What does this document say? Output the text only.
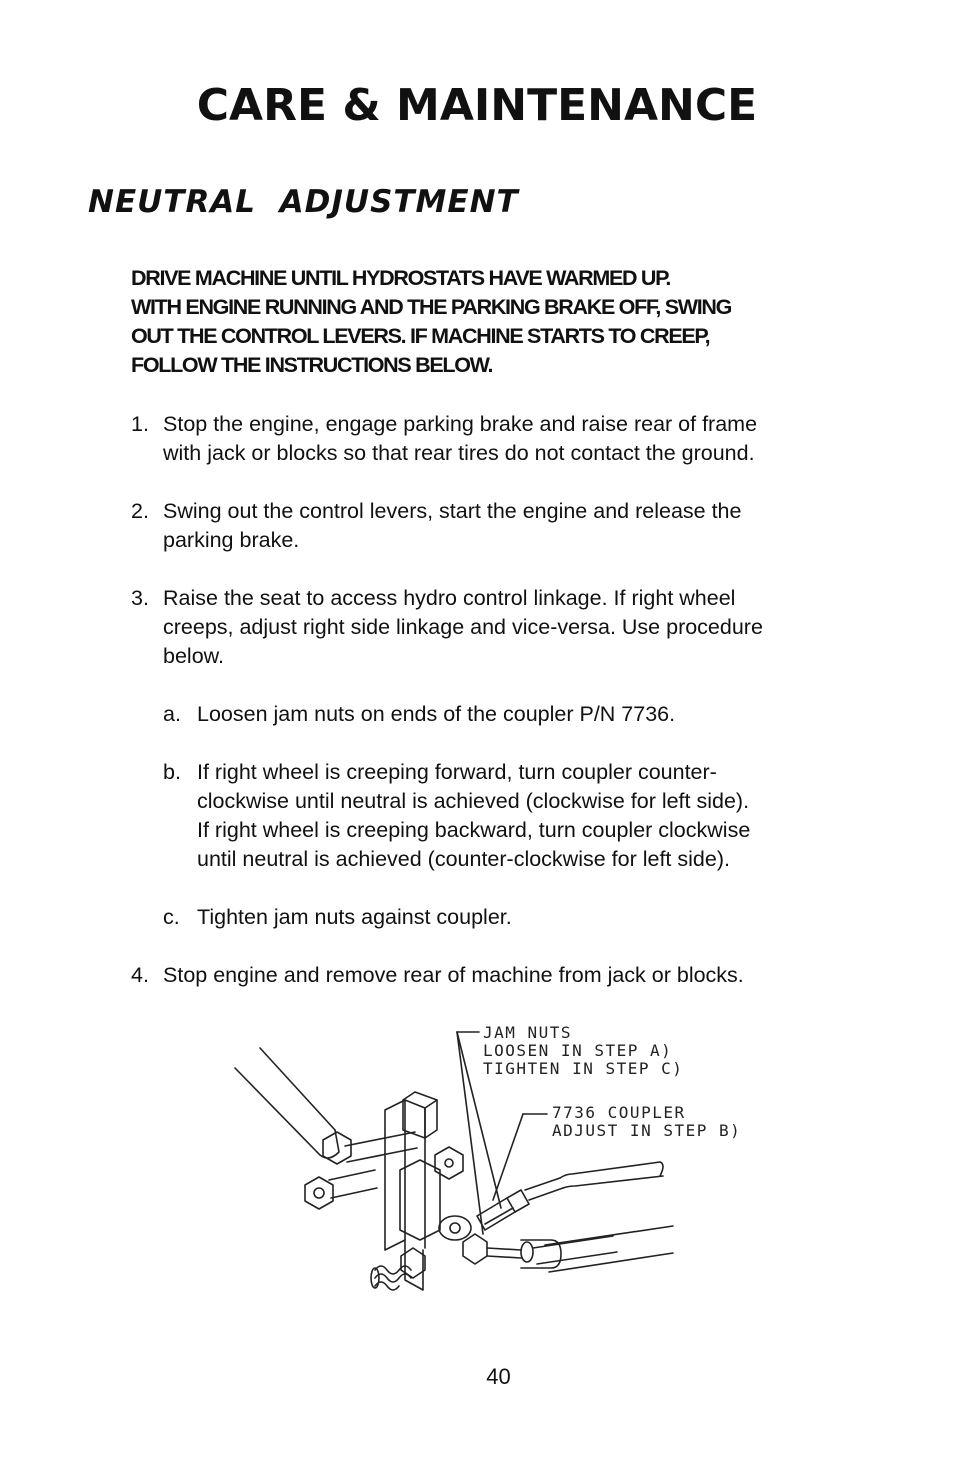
CARE & MAINTENANCE
NEUTRAL  ADJUSTMENT
DRIVE MACHINE UNTIL HYDROSTATS HAVE WARMED UP.
WITH ENGINE RUNNING AND THE PARKING BRAKE OFF, SWING
OUT THE CONTROL LEVERS. IF MACHINE STARTS TO CREEP,
FOLLOW THE INSTRUCTIONS BELOW.
1. Stop the engine, engage parking brake and raise rear of frame
with jack or blocks so that rear tires do not contact the ground.
2. Swing out the control levers, start the engine and release the
parking brake.
3. Raise the seat to access hydro control linkage. If right wheel
creeps, adjust right side linkage and vice-versa. Use procedure
below.
a. Loosen jam nuts on ends of the coupler P/N 7736.
b. If right wheel is creeping forward, turn coupler counter-
clockwise until neutral is achieved (clockwise for left side).
If right wheel is creeping backward, turn coupler clockwise
until neutral is achieved (counter-clockwise for left side).
c. Tighten jam nuts against coupler.
4. Stop engine and remove rear of machine from jack or blocks.
JAM NUTS
LOOSEN IN STEP A)
TIGHTEN IN STEP C)
7736 COUPLER
ADJUST IN STEP B)
40
